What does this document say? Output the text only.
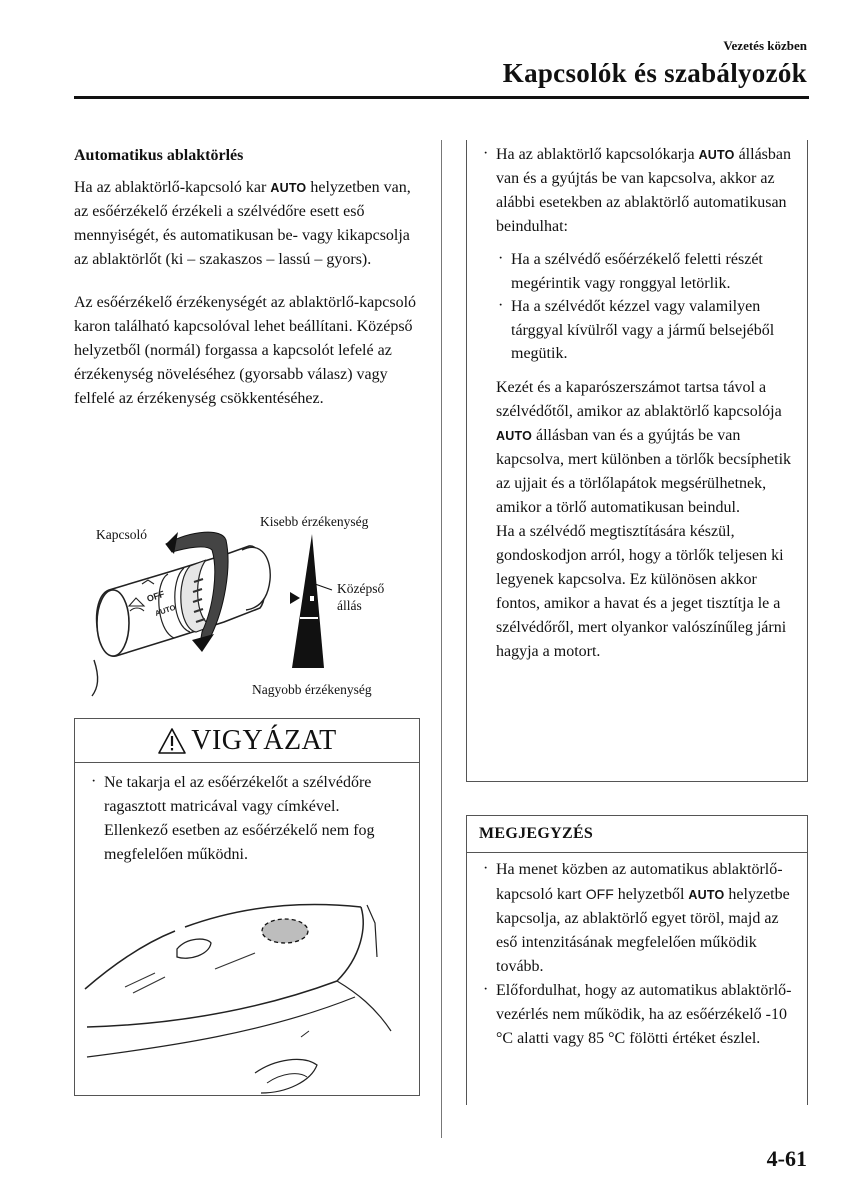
Vezetés közben
Kapcsolók és szabályozók
Automatikus ablaktörlés
Ha az ablaktörlő-kapcsoló kar AUTO helyzetben van, az esőérzékelő érzékeli a szélvédőre esett eső mennyiségét, és automatikusan be- vagy kikapcsolja az ablaktörlőt (ki – szakaszos – lassú – gyors).
Az esőérzékelő érzékenységét az ablaktörlő-kapcsoló karon található kapcsolóval lehet beállítani. Középső helyzetből (normál) forgassa a kapcsolót lefelé az érzékenység növeléséhez (gyorsabb válasz) vagy felfelé az érzékenység csökkentéséhez.
OFF
AUTO
Kapcsoló
Kisebb érzékenység
Középső
állás
Nagyobb érzékenység
VIGYÁZAT
· Ne takarja el az esőérzékelőt a szélvédőre ragasztott matricával vagy címkével. Ellenkező esetben az esőérzékelő nem fog megfelelően működni.
· Ha az ablaktörlő kapcsolókarja AUTO állásban van és a gyújtás be van kapcsolva, akkor az alábbi esetekben az ablaktörlő automatikusan beindulhat:
· Ha a szélvédő esőérzékelő feletti részét megérintik vagy ronggyal letörlik.
· Ha a szélvédőt kézzel vagy valamilyen tárggyal kívülről vagy a jármű belsejéből megütik.
Kezét és a kaparószerszámot tartsa távol a szélvédőtől, amikor az ablaktörlő kapcsolója AUTO állásban van és a gyújtás be van kapcsolva, mert különben a törlők becsíphetik az ujjait és a törlőlapátok megsérülhetnek, amikor a törlő automatikusan beindul.
Ha a szélvédő megtisztítására készül, gondoskodjon arról, hogy a törlők teljesen ki legyenek kapcsolva. Ez különösen akkor fontos, amikor a havat és a jeget tisztítja le a szélvédőről, mert olyankor valószínűleg járni hagyja a motort.
MEGJEGYZÉS
· Ha menet közben az automatikus ablaktörlő-kapcsoló kart OFF helyzetből AUTO helyzetbe kapcsolja, az ablaktörlő egyet töröl, majd az eső intenzitásának megfelelően működik tovább.
· Előfordulhat, hogy az automatikus ablaktörlő-vezérlés nem működik, ha az esőérzékelő -10 °C alatti vagy 85 °C fölötti értéket észlel.
4-61
